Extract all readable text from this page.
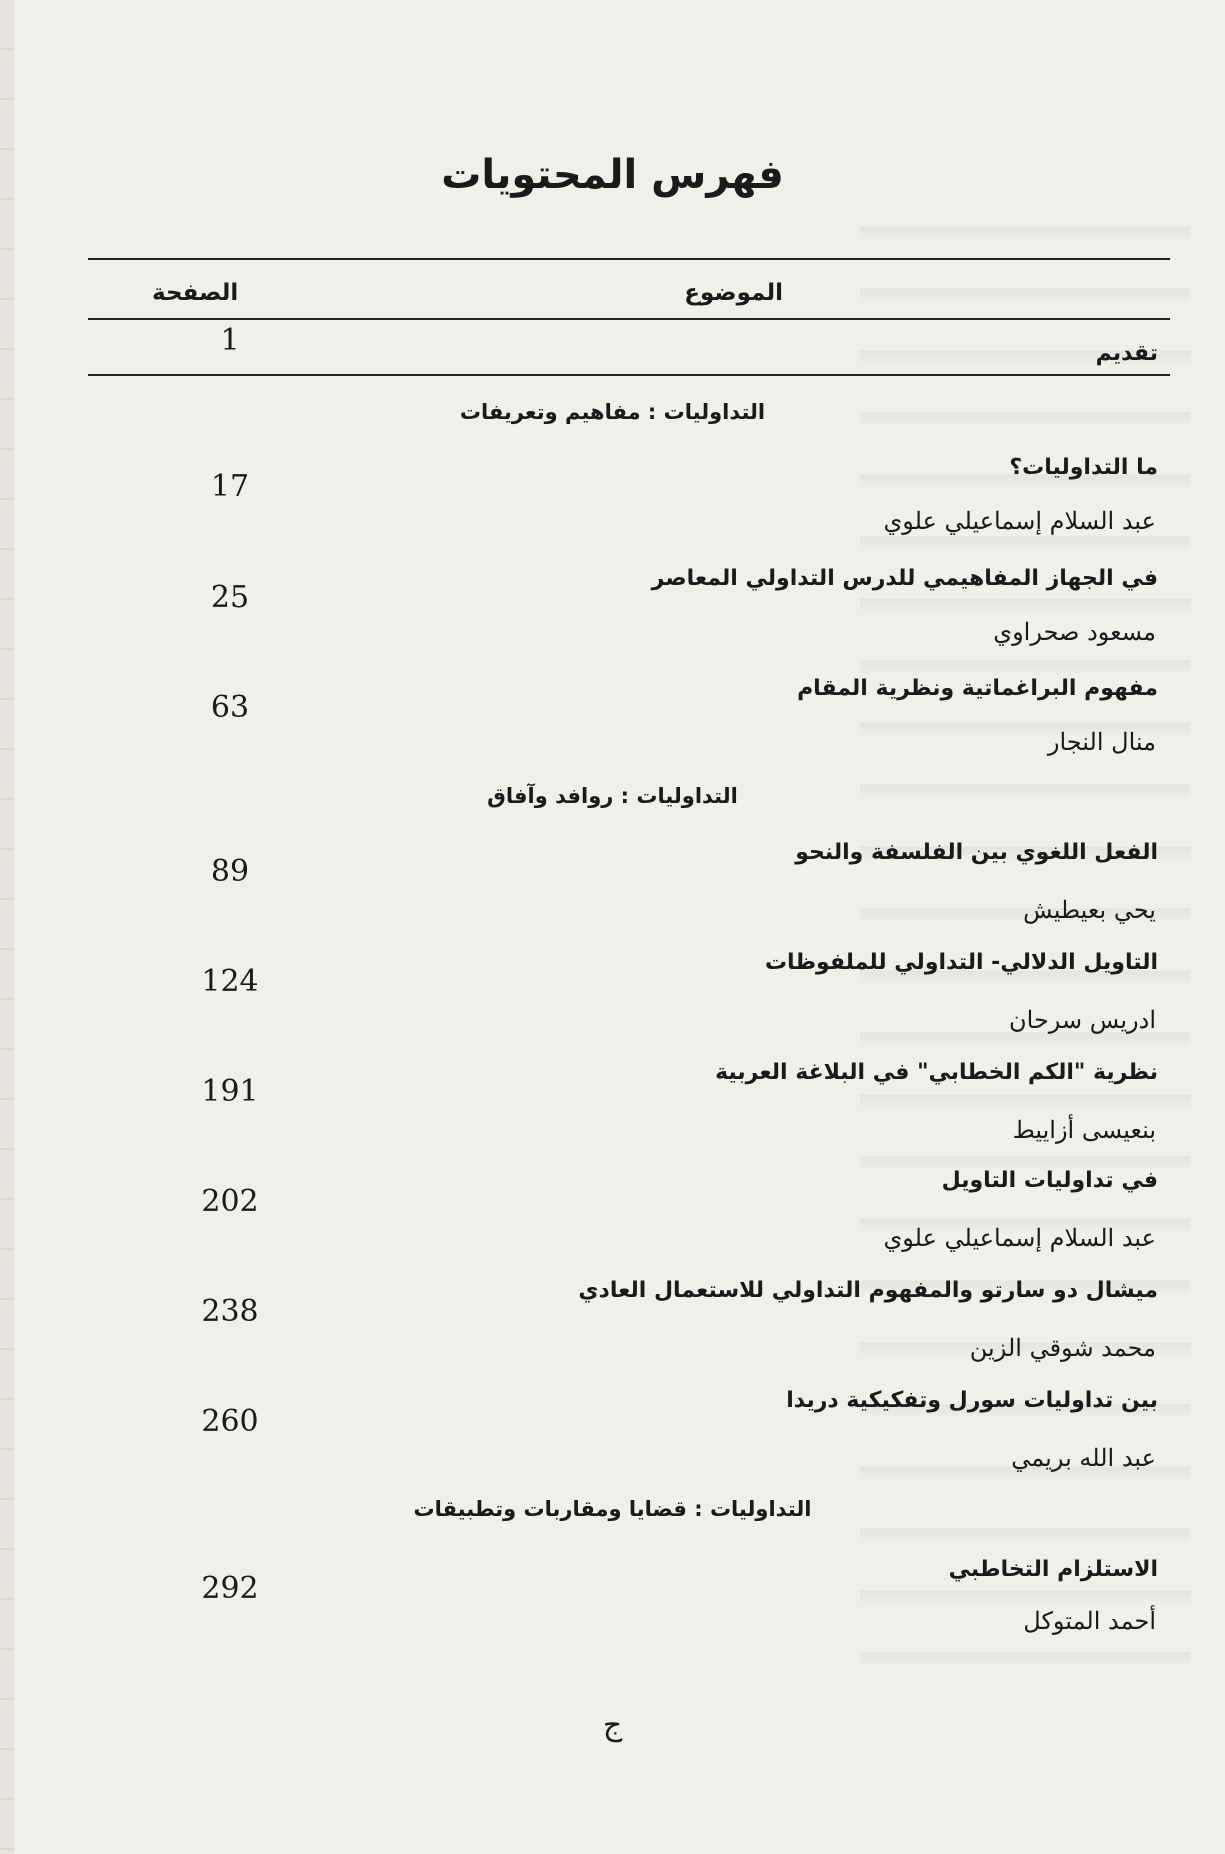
فهرس المحتويات
الموضوع
الصفحة
تقديم
1
التداوليات : مفاهيم وتعريفات
ما التداوليات؟
17
عبد السلام إسماعيلي علوي
في الجهاز المفاهيمي للدرس التداولي المعاصر
25
مسعود صحراوي
مفهوم البراغماتية ونظرية المقام
63
منال النجار
التداوليات : روافد وآفاق
الفعل اللغوي بين الفلسفة والنحو
89
يحي بعيطيش
التاويل الدلالي- التداولي للملفوظات
124
ادريس سرحان
نظرية "الكم الخطابي" في البلاغة العربية
191
بنعيسى أزاييط
في تداوليات التاويل
202
عبد السلام إسماعيلي علوي
ميشال دو سارتو والمفهوم التداولي للاستعمال العادي
238
محمد شوقي الزين
بين تداوليات سورل وتفكيكية دريدا
260
عبد الله بريمي
التداوليات : قضايا ومقاربات وتطبيقات
الاستلزام التخاطبي
292
أحمد المتوكل
ج
